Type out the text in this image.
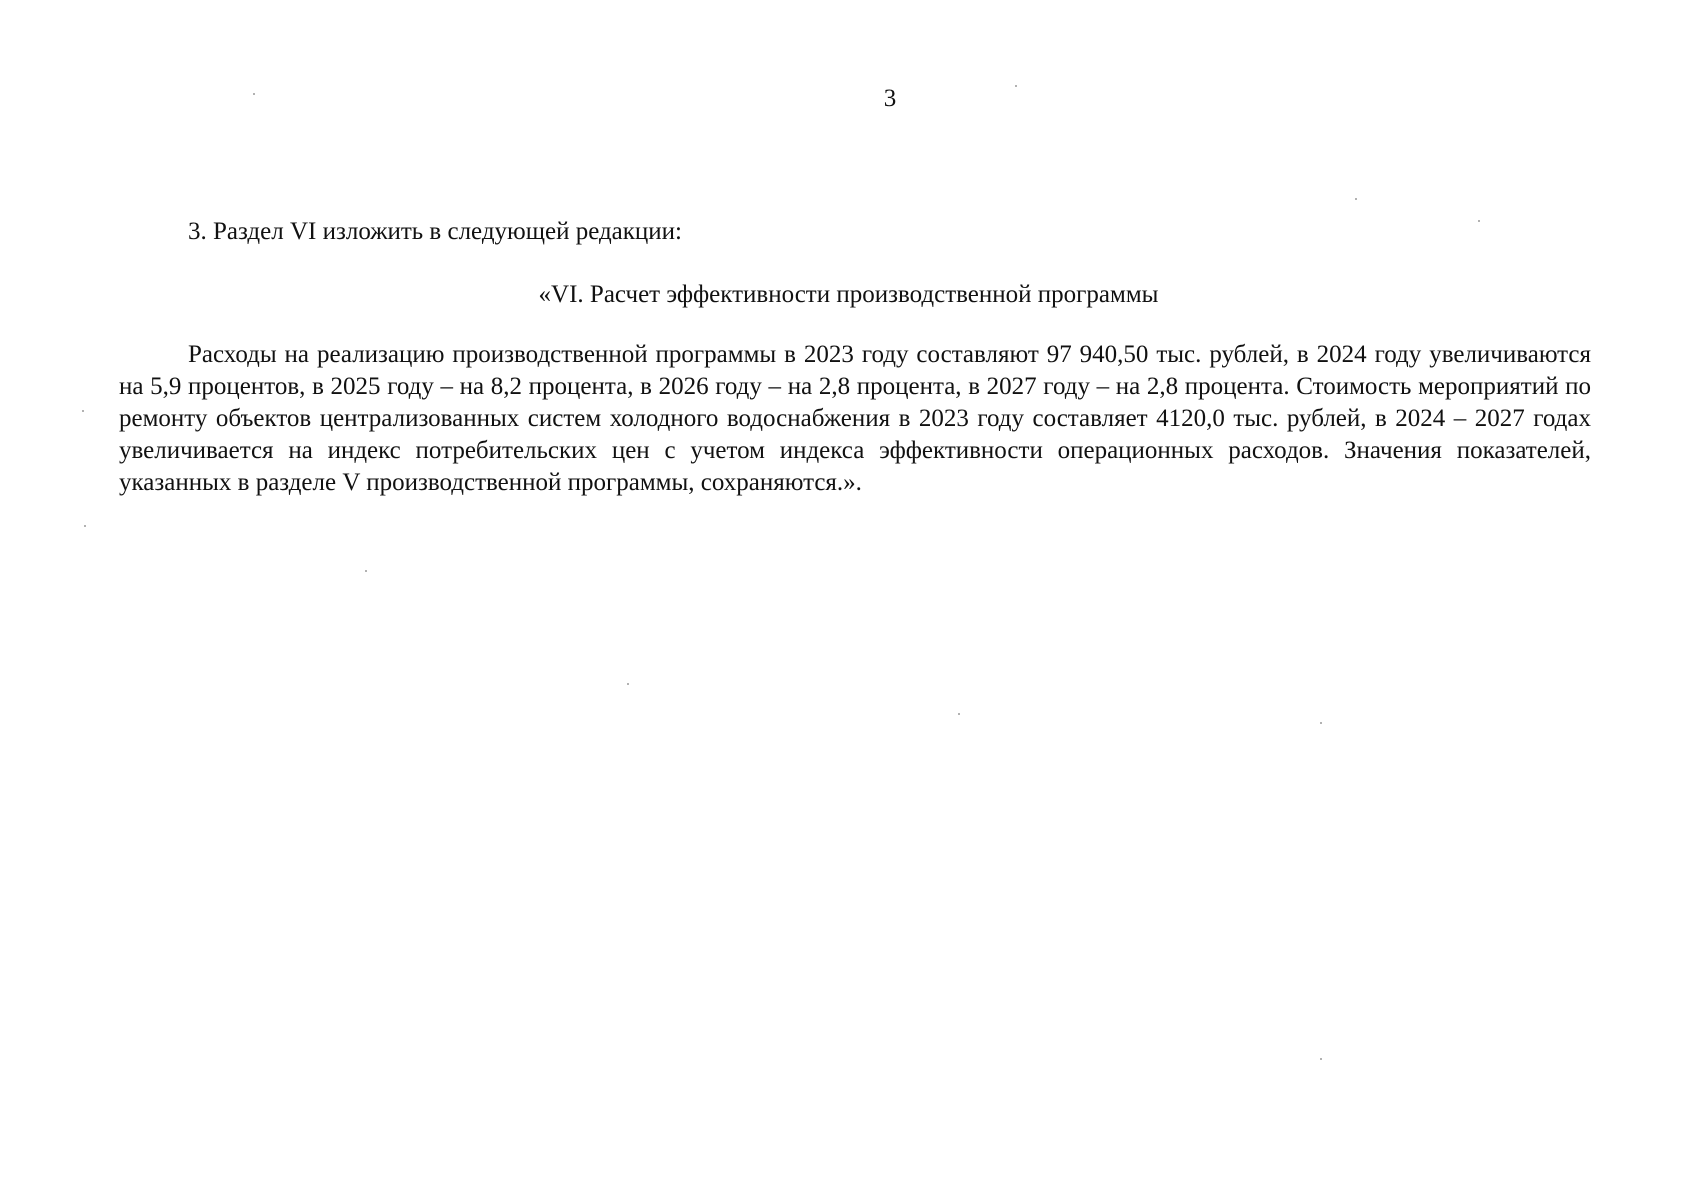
3
3. Раздел VI изложить в следующей редакции:
«VI. Расчет эффективности производственной программы

Расходы на реализацию производственной программы в 2023 году составляют 97 940,50 тыс. рублей, в 2024 году увеличиваются на 5,9 процентов, в 2025 году – на 8,2 процента, в 2026 году – на 2,8 процента, в 2027 году – на 2,8 процента. Стоимость мероприятий по ремонту объектов централизованных систем холодного водоснабжения в 2023 году составляет 4120,0 тыс. рублей, в 2024 – 2027 годах увеличивается на индекс потребительских цен с учетом индекса эффективности операционных расходов. Значения показателей, указанных в разделе V производственной программы, сохраняются.».
